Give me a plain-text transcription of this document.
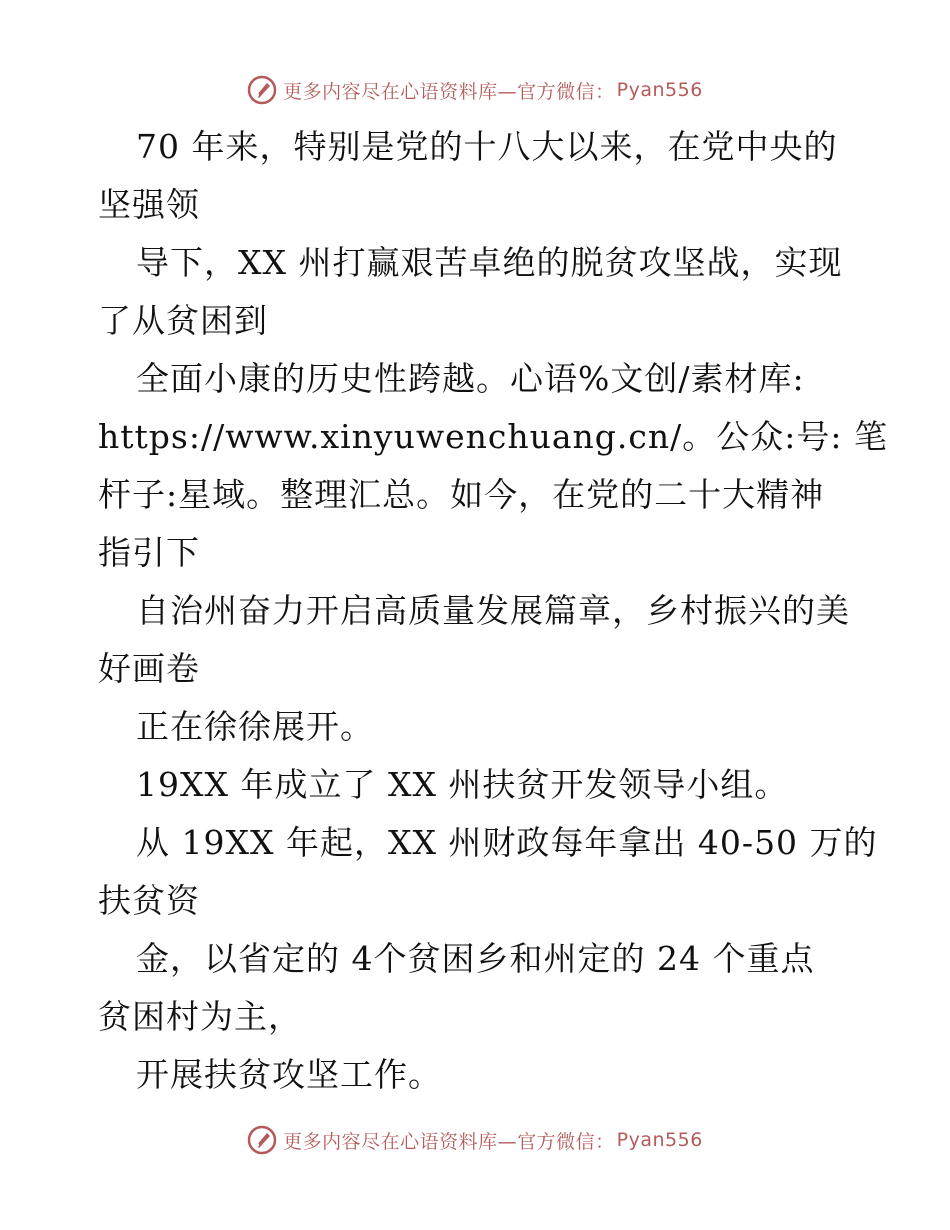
更多内容尽在心语资料库—官方微信： Pyan556
70 年来，特别是党的十八大以来，在党中央的
坚强领
导下，XX 州打赢艰苦卓绝的脱贫攻坚战，实现
了从贫困到
全面小康的历史性跨越。心语%文创/素材库:
https://www.xinyuwenchuang.cn/。公众:号: 笔
杆子:星域。整理汇总。如今，在党的二十大精神
指引下
自治州奋力开启高质量发展篇章，乡村振兴的美
好画卷
正在徐徐展开。
19XX 年成立了 XX 州扶贫开发领导小组。
从 19XX 年起，XX 州财政每年拿出 40-50 万的
扶贫资
金，以省定的 4个贫困乡和州定的 24 个重点
贫困村为主，
开展扶贫攻坚工作。
更多内容尽在心语资料库—官方微信： Pyan556
